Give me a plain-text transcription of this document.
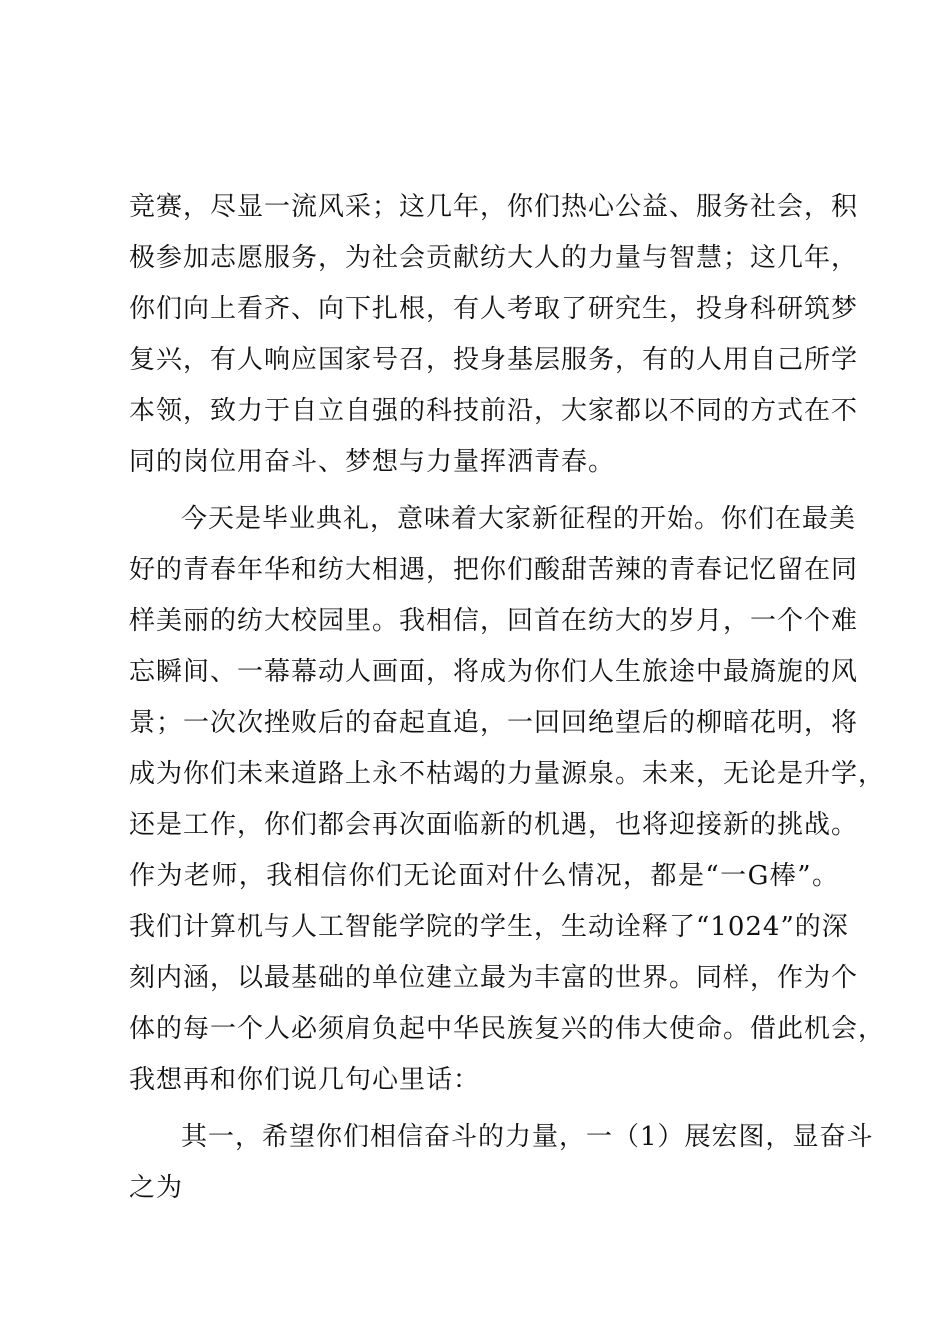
竞赛，尽显一流风采；这几年，你们热心公益、服务社会，积
极参加志愿服务，为社会贡献纺大人的力量与智慧；这几年，
你们向上看齐、向下扎根，有人考取了研究生，投身科研筑梦
复兴，有人响应国家号召，投身基层服务，有的人用自己所学
本领，致力于自立自强的科技前沿，大家都以不同的方式在不
同的岗位用奋斗、梦想与力量挥洒青春。
今天是毕业典礼，意味着大家新征程的开始。你们在最美
好的青春年华和纺大相遇，把你们酸甜苦辣的青春记忆留在同
样美丽的纺大校园里。我相信，回首在纺大的岁月，一个个难
忘瞬间、一幕幕动人画面，将成为你们人生旅途中最旖旎的风
景；一次次挫败后的奋起直追，一回回绝望后的柳暗花明，将
成为你们未来道路上永不枯竭的力量源泉。未来，无论是升学，
还是工作，你们都会再次面临新的机遇，也将迎接新的挑战。
作为老师，我相信你们无论面对什么情况，都是“一G棒”。
我们计算机与人工智能学院的学生，生动诠释了“1024”的深
刻内涵，以最基础的单位建立最为丰富的世界。同样，作为个
体的每一个人必须肩负起中华民族复兴的伟大使命。借此机会，
我想再和你们说几句心里话：
其一，希望你们相信奋斗的力量，一（1）展宏图，显奋斗
之为
